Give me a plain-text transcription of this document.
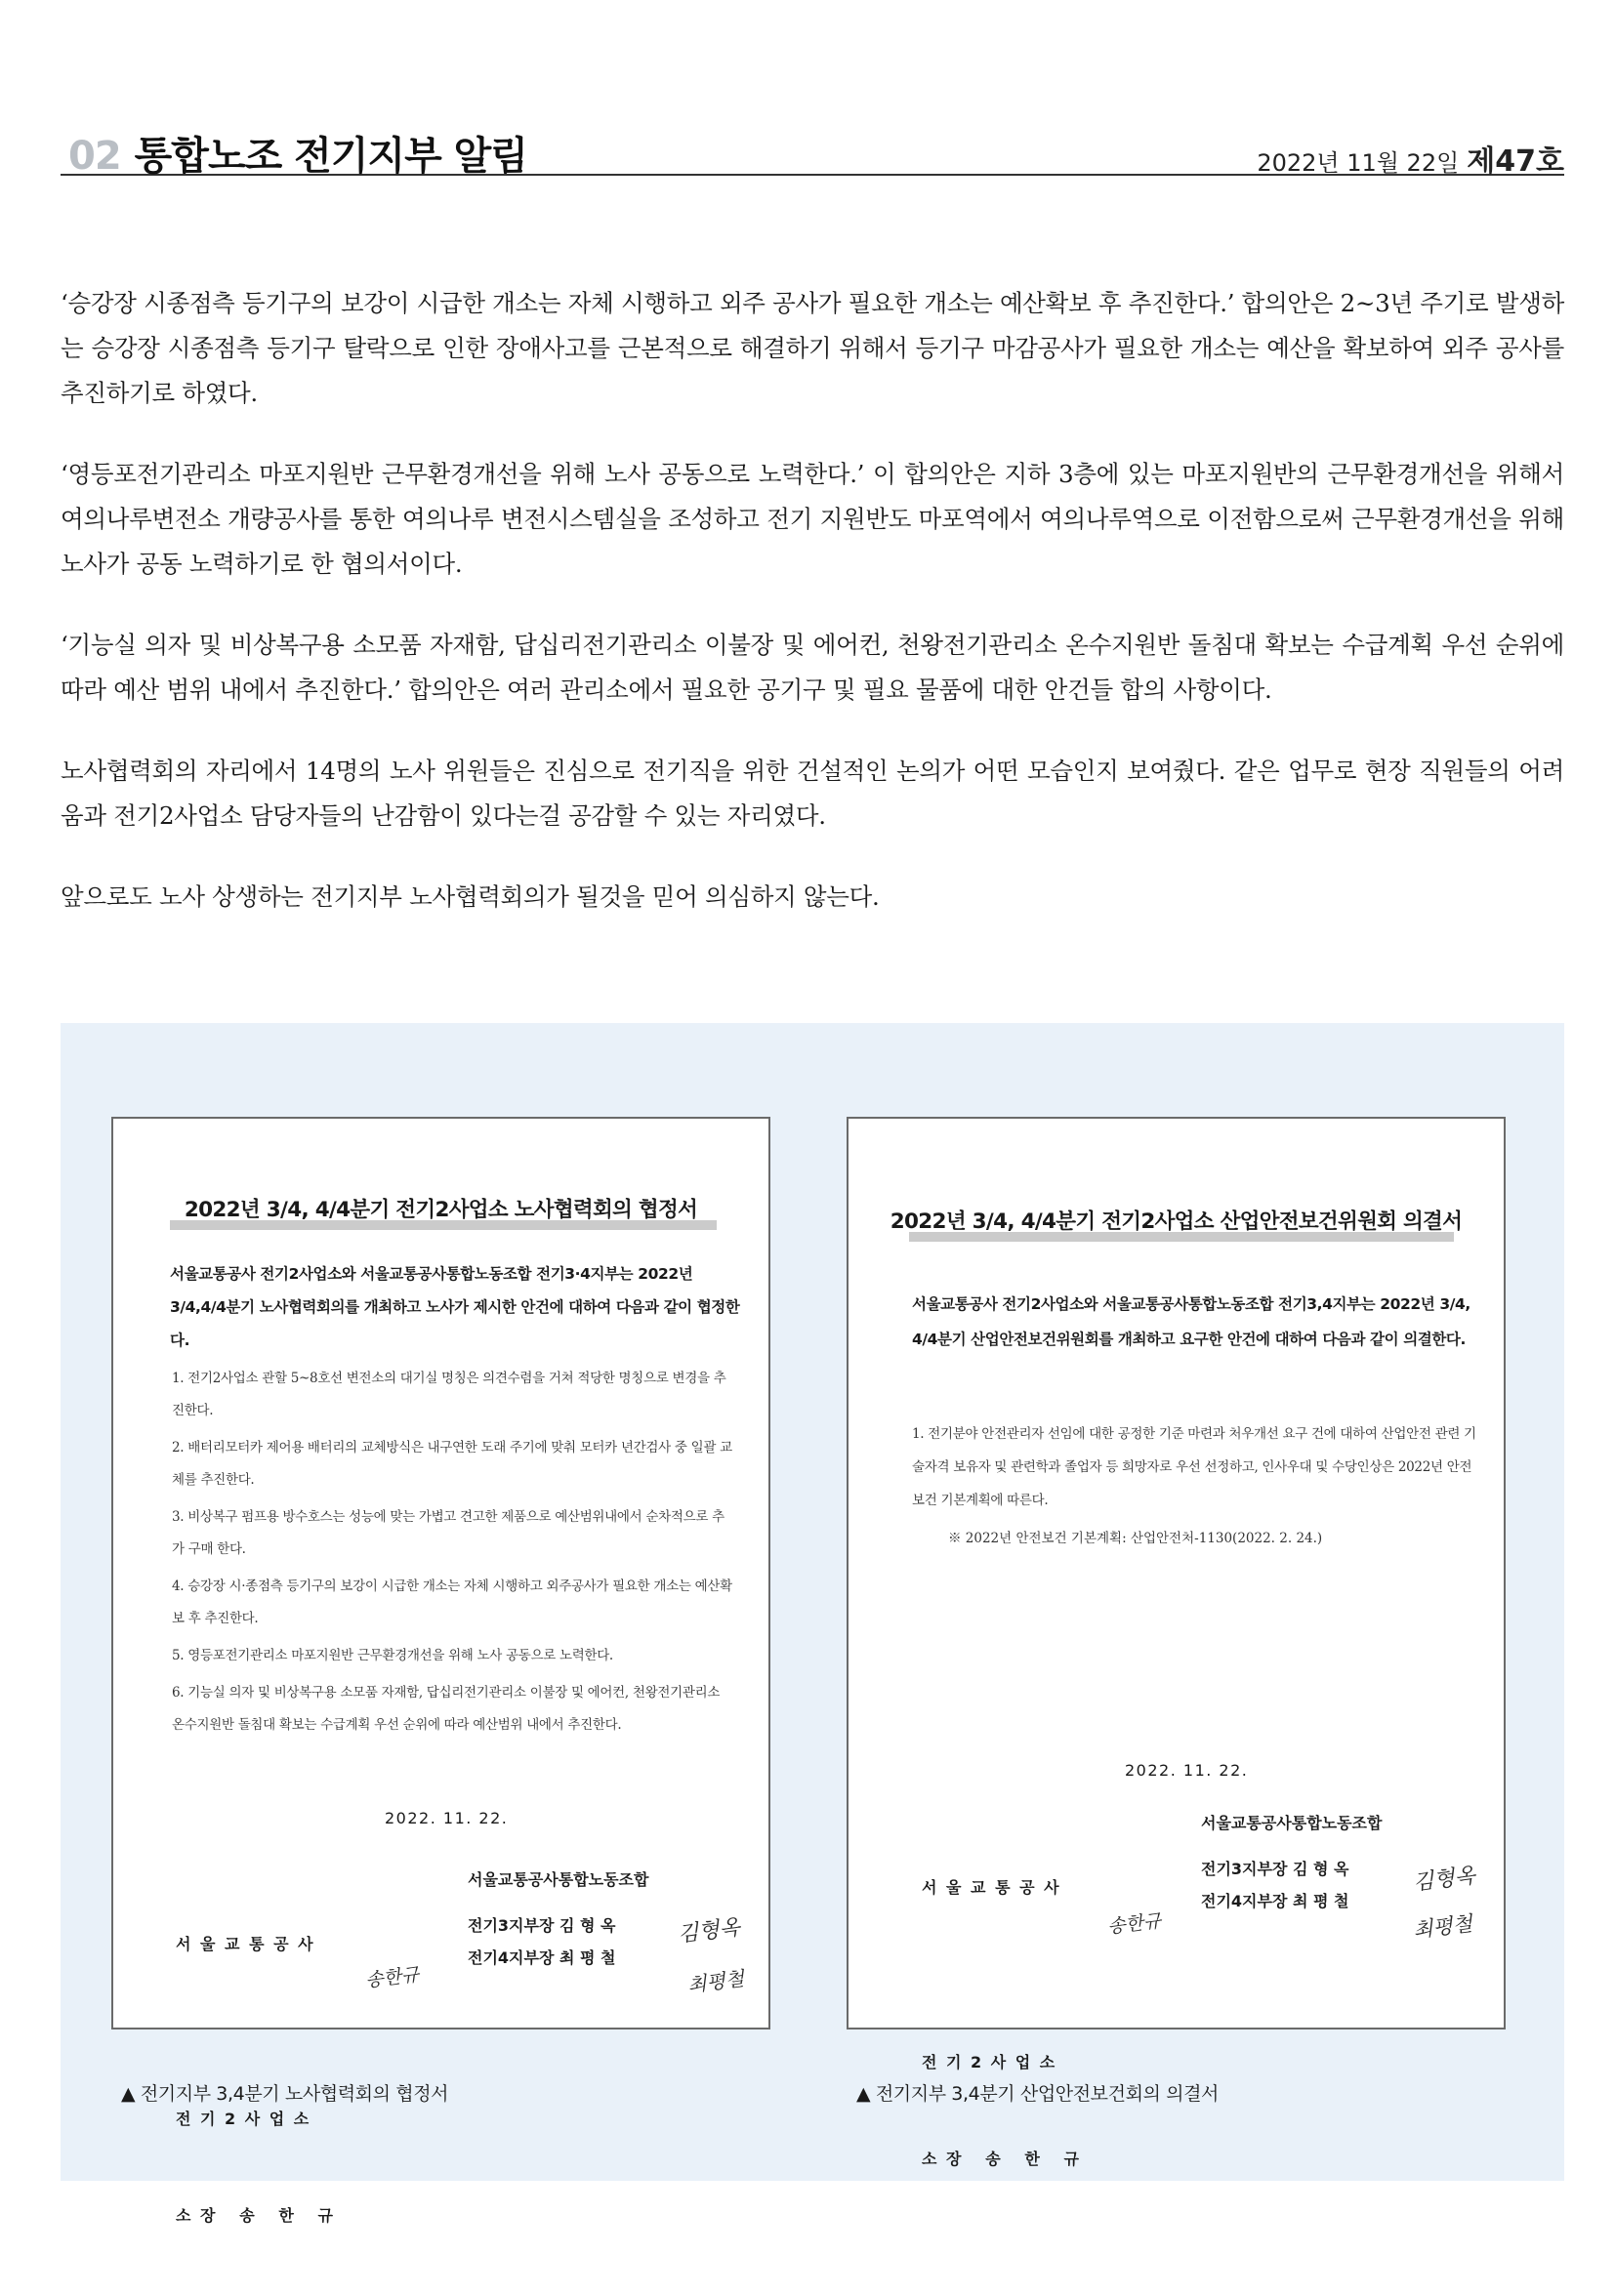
02 통합노조 전기지부 알림	2022년 11월 22일 제47호

‘승강장 시종점측 등기구의 보강이 시급한 개소는 자체 시행하고 외주 공사가 필요한 개소는 예산확보 후 추진한다.’ 합의안은 2~3년 주기로 발생하는 승강장 시종점측 등기구 탈락으로 인한 장애사고를 근본적으로 해결하기 위해서 등기구 마감공사가 필요한 개소는 예산을 확보하여 외주 공사를 추진하기로 하였다.

‘영등포전기관리소 마포지원반 근무환경개선을 위해 노사 공동으로 노력한다.’ 이 합의안은 지하 3층에 있는 마포지원반의 근무환경개선을 위해서 여의나루변전소 개량공사를 통한 여의나루 변전시스템실을 조성하고 전기 지원반도 마포역에서 여의나루역으로 이전함으로써 근무환경개선을 위해 노사가 공동 노력하기로 한 협의서이다.

‘기능실 의자 및 비상복구용 소모품 자재함, 답십리전기관리소 이불장 및 에어컨, 천왕전기관리소 온수지원반 돌침대 확보는 수급계획 우선 순위에 따라 예산 범위 내에서 추진한다.’ 합의안은 여러 관리소에서 필요한 공기구 및 필요 물품에 대한 안건들 합의 사항이다.

노사협력회의 자리에서 14명의 노사 위원들은 진심으로 전기직을 위한 건설적인 논의가 어떤 모습인지 보여줬다. 같은 업무로 현장 직원들의 어려움과 전기2사업소 담당자들의 난감함이 있다는걸 공감할 수 있는 자리였다.

앞으로도 노사 상생하는 전기지부 노사협력회의가 될것을 믿어 의심하지 않는다.

2022년 3/4, 4/4분기 전기2사업소 노사협력회의 협정서
서울교통공사 전기2사업소와 서울교통공사통합노동조합 전기3·4지부는 2022년 3/4,4/4분기 노사협력회의를 개최하고 노사가 제시한 안건에 대하여 다음과 같이 협정한다.
1. 전기2사업소 관할 5~8호선 변전소의 대기실 명칭은 의견수렴을 거쳐 적당한 명칭으로 변경을 추진한다.
2. 배터리모터카 제어용 배터리의 교체방식은 내구연한 도래 주기에 맞춰 모터카 년간검사 중 일괄 교체를 추진한다.
3. 비상복구 펌프용 방수호스는 성능에 맞는 가볍고 견고한 제품으로 예산범위내에서 순차적으로 추가 구매 한다.
4. 승강장 시·종점측 등기구의 보강이 시급한 개소는 자체 시행하고 외주공사가 필요한 개소는 예산확보 후 추진한다.
5. 영등포전기관리소 마포지원반 근무환경개선을 위해 노사 공동으로 노력한다.
6. 기능실 의자 및 비상복구용 소모품 자재함, 답십리전기관리소 이불장 및 에어컨, 천왕전기관리소 온수지원반 돌침대 확보는 수급계획 우선 순위에 따라 예산범위 내에서 추진한다.
2022. 11. 22.

서 울 교 통 공 사

전 기 2 사 업 소

소 장   송   한   규

서울교통공사통합노동조합
전기3지부장 김 형 옥
전기4지부장 최 평 철
송한규
김형옥
최평철
2022년 3/4, 4/4분기 전기2사업소 산업안전보건위원회 의결서
서울교통공사 전기2사업소와 서울교통공사통합노동조합 전기3,4지부는 2022년 3/4, 4/4분기 산업안전보건위원회를 개최하고 요구한 안건에 대하여 다음과 같이 의결한다.
1. 전기분야 안전관리자 선임에 대한 공정한 기준 마련과 처우개선 요구 건에 대하여 산업안전 관련 기술자격 보유자 및 관련학과 졸업자 등 희망자로 우선 선정하고, 인사우대 및 수당인상은 2022년 안전보건 기본계획에 따른다.
※ 2022년 안전보건 기본계획: 산업안전처-1130(2022. 2. 24.)
2022. 11. 22.

서 울 교 통 공 사

전 기 2 사 업 소

소 장   송   한   규

서울교통공사통합노동조합
전기3지부장 김 형 옥
전기4지부장 최 평 철
송한규
김형옥
최평철
▲ 전기지부 3,4분기 노사협력회의 협정서	▲ 전기지부 3,4분기 산업안전보건회의 의결서
